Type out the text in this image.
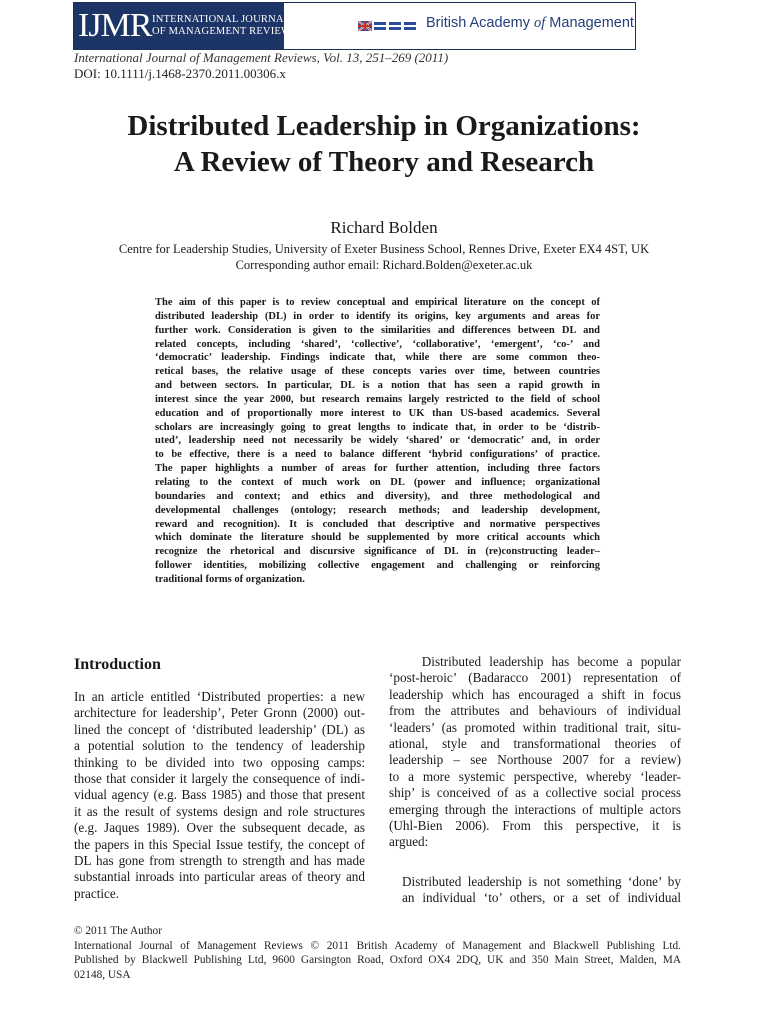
IJMR INTERNATIONAL JOURNAL
OF MANAGEMENT REVIEWS
British Academy of Management
International Journal of Management Reviews, Vol. 13, 251–269 (2011)
DOI: 10.1111/j.1468-2370.2011.00306.x
Distributed Leadership in Organizations:
A Review of Theory and Research
Richard Bolden
Centre for Leadership Studies, University of Exeter Business School, Rennes Drive, Exeter EX4 4ST, UK
Corresponding author email: Richard.Bolden@exeter.ac.uk
The aim of this paper is to review conceptual and empirical literature on the concept of
distributed leadership (DL) in order to identify its origins, key arguments and areas for
further work. Consideration is given to the similarities and differences between DL and
related concepts, including ‘shared’, ‘collective’, ‘collaborative’, ‘emergent’, ‘co-’ and
‘democratic’ leadership. Findings indicate that, while there are some common theo-
retical bases, the relative usage of these concepts varies over time, between countries
and between sectors. In particular, DL is a notion that has seen a rapid growth in
interest since the year 2000, but research remains largely restricted to the field of school
education and of proportionally more interest to UK than US-based academics. Several
scholars are increasingly going to great lengths to indicate that, in order to be ‘distrib-
uted’, leadership need not necessarily be widely ‘shared’ or ‘democratic’ and, in order
to be effective, there is a need to balance different ‘hybrid configurations’ of practice.
The paper highlights a number of areas for further attention, including three factors
relating to the context of much work on DL (power and influence; organizational
boundaries and context; and ethics and diversity), and three methodological and
developmental challenges (ontology; research methods; and leadership development,
reward and recognition). It is concluded that descriptive and normative perspectives
which dominate the literature should be supplemented by more critical accounts which
recognize the rhetorical and discursive significance of DL in (re)constructing leader–
follower identities, mobilizing collective engagement and challenging or reinforcing
traditional forms of organization.
Introduction
In an article entitled ‘Distributed properties: a new
architecture for leadership’, Peter Gronn (2000) out-
lined the concept of ‘distributed leadership’ (DL) as
a potential solution to the tendency of leadership
thinking to be divided into two opposing camps:
those that consider it largely the consequence of indi-
vidual agency (e.g. Bass 1985) and those that present
it as the result of systems design and role structures
(e.g. Jaques 1989). Over the subsequent decade, as
the papers in this Special Issue testify, the concept of
DL has gone from strength to strength and has made
substantial inroads into particular areas of theory and
practice.
Distributed leadership has become a popular
‘post-heroic’ (Badaracco 2001) representation of
leadership which has encouraged a shift in focus
from the attributes and behaviours of individual
‘leaders’ (as promoted within traditional trait, situ-
ational, style and transformational theories of
leadership – see Northouse 2007 for a review)
to a more systemic perspective, whereby ‘leader-
ship’ is conceived of as a collective social process
emerging through the interactions of multiple actors
(Uhl-Bien 2006). From this perspective, it is
argued:
Distributed leadership is not something ‘done’ by
an individual ‘to’ others, or a set of individual
© 2011 The Author
International Journal of Management Reviews © 2011 British Academy of Management and Blackwell Publishing Ltd.
Published by Blackwell Publishing Ltd, 9600 Garsington Road, Oxford OX4 2DQ, UK and 350 Main Street, Malden, MA
02148, USA
